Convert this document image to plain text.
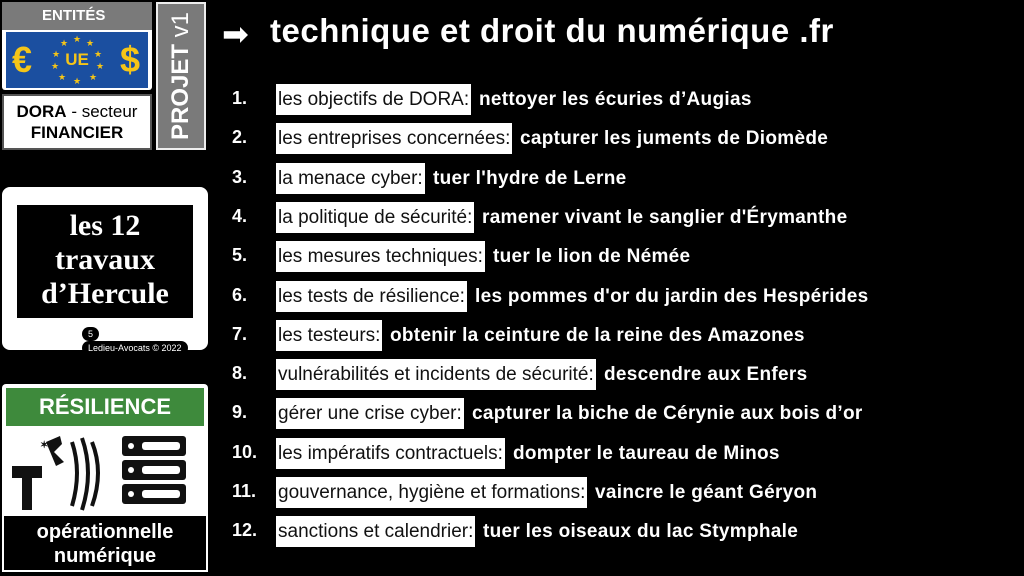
ENTITÉS
€	★ ★
★
★
★
★
★
★
★
★
UE $
DORA - secteur
FINANCIER	PROJET v1
les 12
travaux
d’Hercule
5Ledieu-Avocats © 2022
RÉSILIENCE
✶
opérationnelle
numérique
➡ technique et droit du numérique .fr
1.	les objectifs de DORA: nettoyer les écuries d’Augias
2.	les entreprises concernées: capturer les juments de Diomède
3.	la menace cyber: tuer l'hydre de Lerne
4.	la politique de sécurité: ramener vivant le sanglier d'Érymanthe
5.	les mesures techniques: tuer le lion de Némée
6.	les tests de résilience: les pommes d'or du jardin des Hespérides
7.	les testeurs: obtenir la ceinture de la reine des Amazones
8.	vulnérabilités et incidents de sécurité: descendre aux Enfers
9.	gérer une crise cyber: capturer la biche de Cérynie aux bois d’or
10.	les impératifs contractuels: dompter le taureau de Minos
11.	gouvernance, hygiène et formations: vaincre le géant Géryon
12.	sanctions et calendrier: tuer les oiseaux du lac Stymphale
